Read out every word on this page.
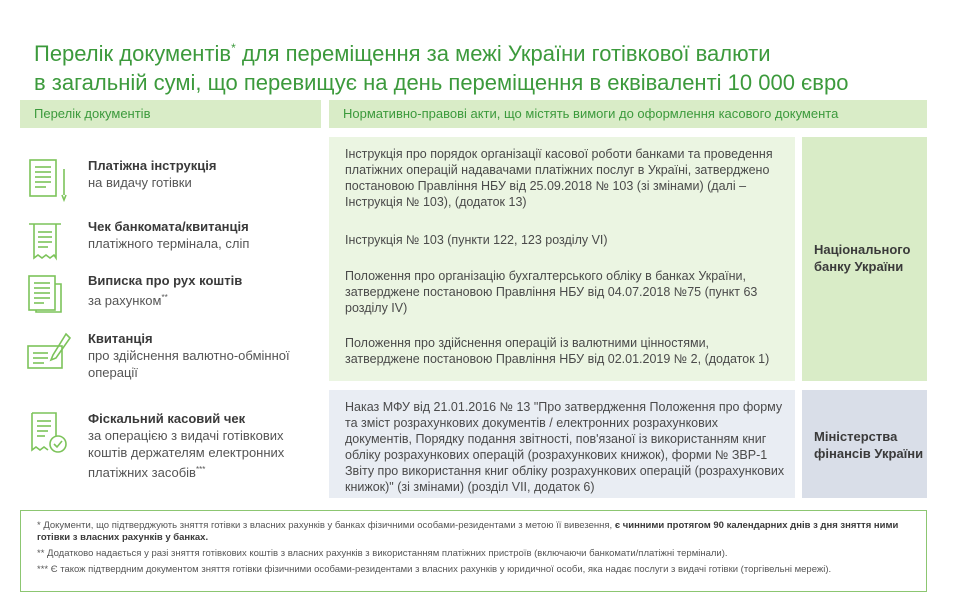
Перелік документів* для переміщення за межі України готівкової валюти
в загальній сумі, що перевищує на день переміщення в еквіваленті 10 000 євро
Перелік документів	Нормативно-правові акти, що містять вимоги до оформлення касового документа
Платіжна інструкція
на видачу готівки
Чек банкомата/квитанція
платіжного термінала, сліп
Виписка про рух коштів
за рахунком**
Квитанція
про здійснення валютно-обмінної операції
Фіскальний касовий чек
за операцією з видачі готівкових коштів держателям електронних платіжних засобів***
Інструкція про порядок організації касової роботи банками та проведення платіжних операцій надавачами платіжних послуг в Україні, затверджено постановою Правління НБУ від 25.09.2018 № 103 (зі змінами) (далі – Інструкція № 103), (додаток 13)
Інструкція № 103 (пункти 122, 123 розділу VI)
Положення про організацію бухгалтерського обліку в банках України, затверджене постановою Правління НБУ від 04.07.2018 №75 (пункт 63 розділу IV)
Положення про здійснення операцій із валютними цінностями, затверджене постановою Правління НБУ від 02.01.2019 № 2, (додаток 1)
Національного банку України
Наказ МФУ від 21.01.2016 № 13 "Про затвердження Положення про форму та зміст розрахункових документів / електронних розрахункових документів, Порядку подання звітності, пов'язаної із використанням книг обліку розрахункових операцій (розрахункових книжок), форми № ЗВР-1 Звіту про використання книг обліку розрахункових операцій (розрахункових книжок)" (зі змінами) (розділ VII, додаток 6)
Міністерства фінансів України

* Документи, що підтверджують зняття готівки з власних рахунків у банках фізичними особами-резидентами з метою її вивезення, є чинними протягом 90 календарних днів з дня зняття ними готівки з власних рахунків у банках.

** Додатково надається у разі зняття готівкових коштів з власних рахунків з використанням платіжних пристроїв (включаючи банкомати/платіжні термінали).

*** Є також підтвердним документом зняття готівки фізичними особами-резидентами з власних рахунків у юридичної особи, яка надає послуги з видачі готівки (торгівельні мережі).
